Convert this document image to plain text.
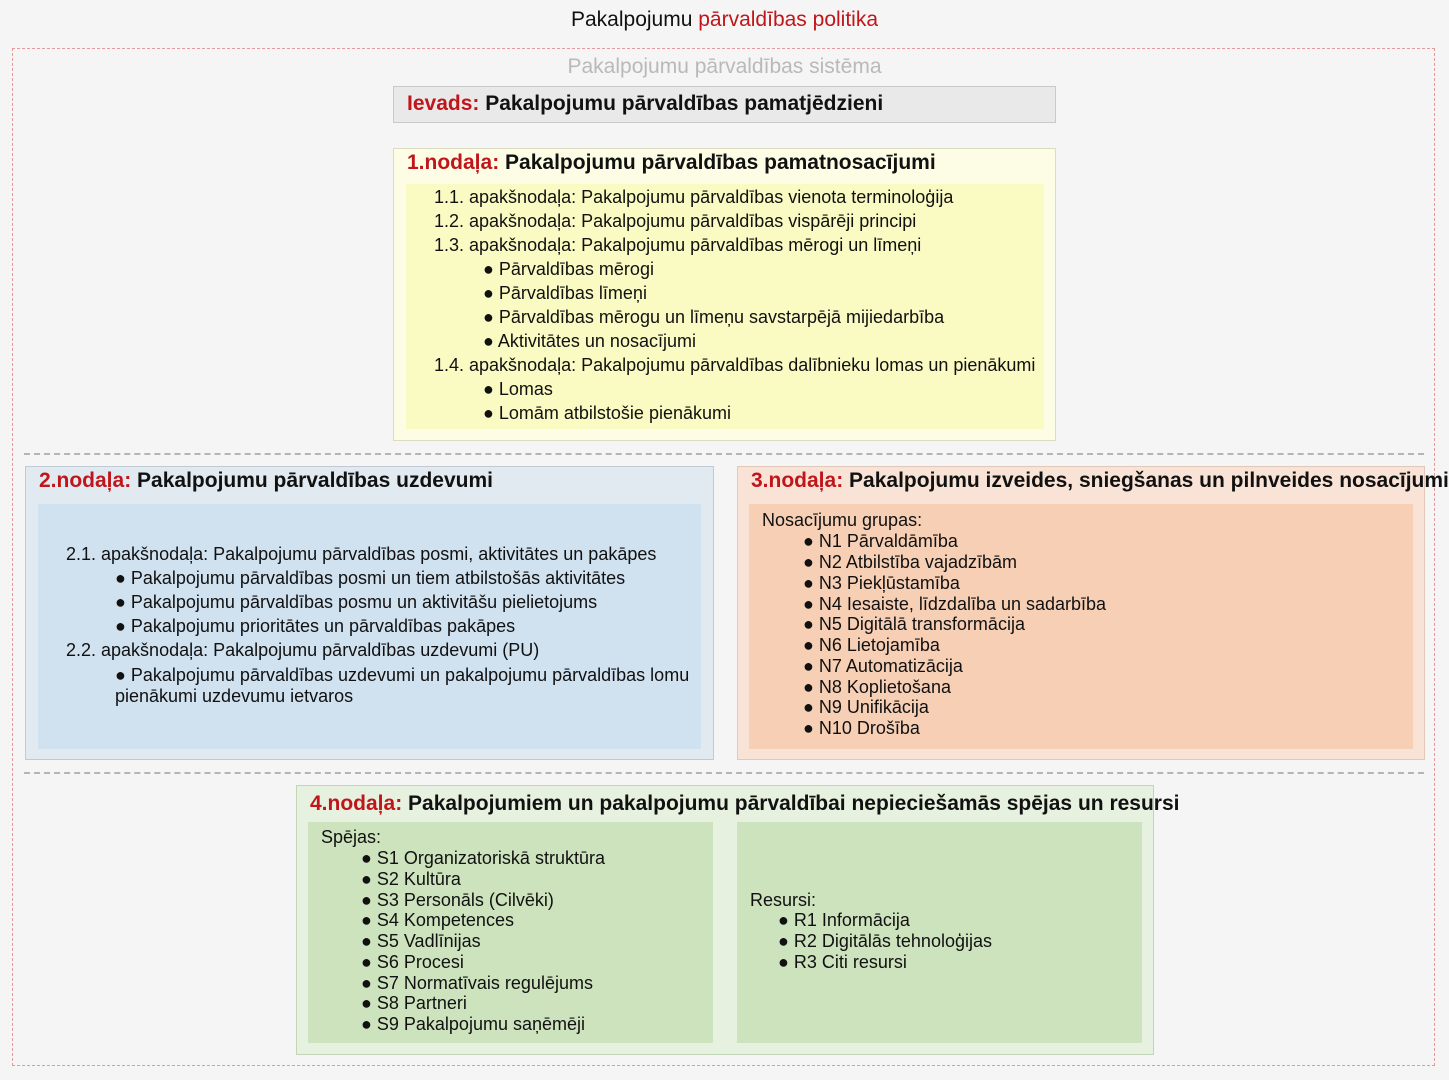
Pakalpojumu pārvaldības politika
Pakalpojumu pārvaldības sistēma
Ievads: Pakalpojumu pārvaldības pamatjēdzieni
1.nodaļa: Pakalpojumu pārvaldības pamatnosacījumi
1.1. apakšnodaļa: Pakalpojumu pārvaldības vienota terminoloģija
1.2. apakšnodaļa: Pakalpojumu pārvaldības vispārēji principi
1.3. apakšnodaļa: Pakalpojumu pārvaldības mērogi un līmeņi
● Pārvaldības mērogi
● Pārvaldības līmeņi
● Pārvaldības mērogu un līmeņu savstarpējā mijiedarbība
● Aktivitātes un nosacījumi
1.4. apakšnodaļa: Pakalpojumu pārvaldības dalībnieku lomas un pienākumi
● Lomas
● Lomām atbilstošie pienākumi
2.nodaļa: Pakalpojumu pārvaldības uzdevumi
2.1. apakšnodaļa: Pakalpojumu pārvaldības posmi, aktivitātes un pakāpes
● Pakalpojumu pārvaldības posmi un tiem atbilstošās aktivitātes
● Pakalpojumu pārvaldības posmu un aktivitāšu pielietojums
● Pakalpojumu prioritātes un pārvaldības pakāpes
2.2. apakšnodaļa: Pakalpojumu pārvaldības uzdevumi (PU)
● Pakalpojumu pārvaldības uzdevumi un pakalpojumu pārvaldības lomu
pienākumi uzdevumu ietvaros
3.nodaļa: Pakalpojumu izveides, sniegšanas un pilnveides nosacījumi
Nosacījumu grupas:
● N1 Pārvaldāmība
● N2 Atbilstība vajadzībām
● N3 Piekļūstamība
● N4 Iesaiste, līdzdalība un sadarbība
● N5 Digitālā transformācija
● N6 Lietojamība
● N7 Automatizācija
● N8 Koplietošana
● N9 Unifikācija
● N10 Drošība
4.nodaļa: Pakalpojumiem un pakalpojumu pārvaldībai nepieciešamās spējas un resursi
Spējas:
● S1 Organizatoriskā struktūra
● S2 Kultūra
● S3 Personāls (Cilvēki)
● S4 Kompetences
● S5 Vadlīnijas
● S6 Procesi
● S7 Normatīvais regulējums
● S8 Partneri
● S9 Pakalpojumu saņēmēji
Resursi:
● R1 Informācija
● R2 Digitālās tehnoloģijas
● R3 Citi resursi
